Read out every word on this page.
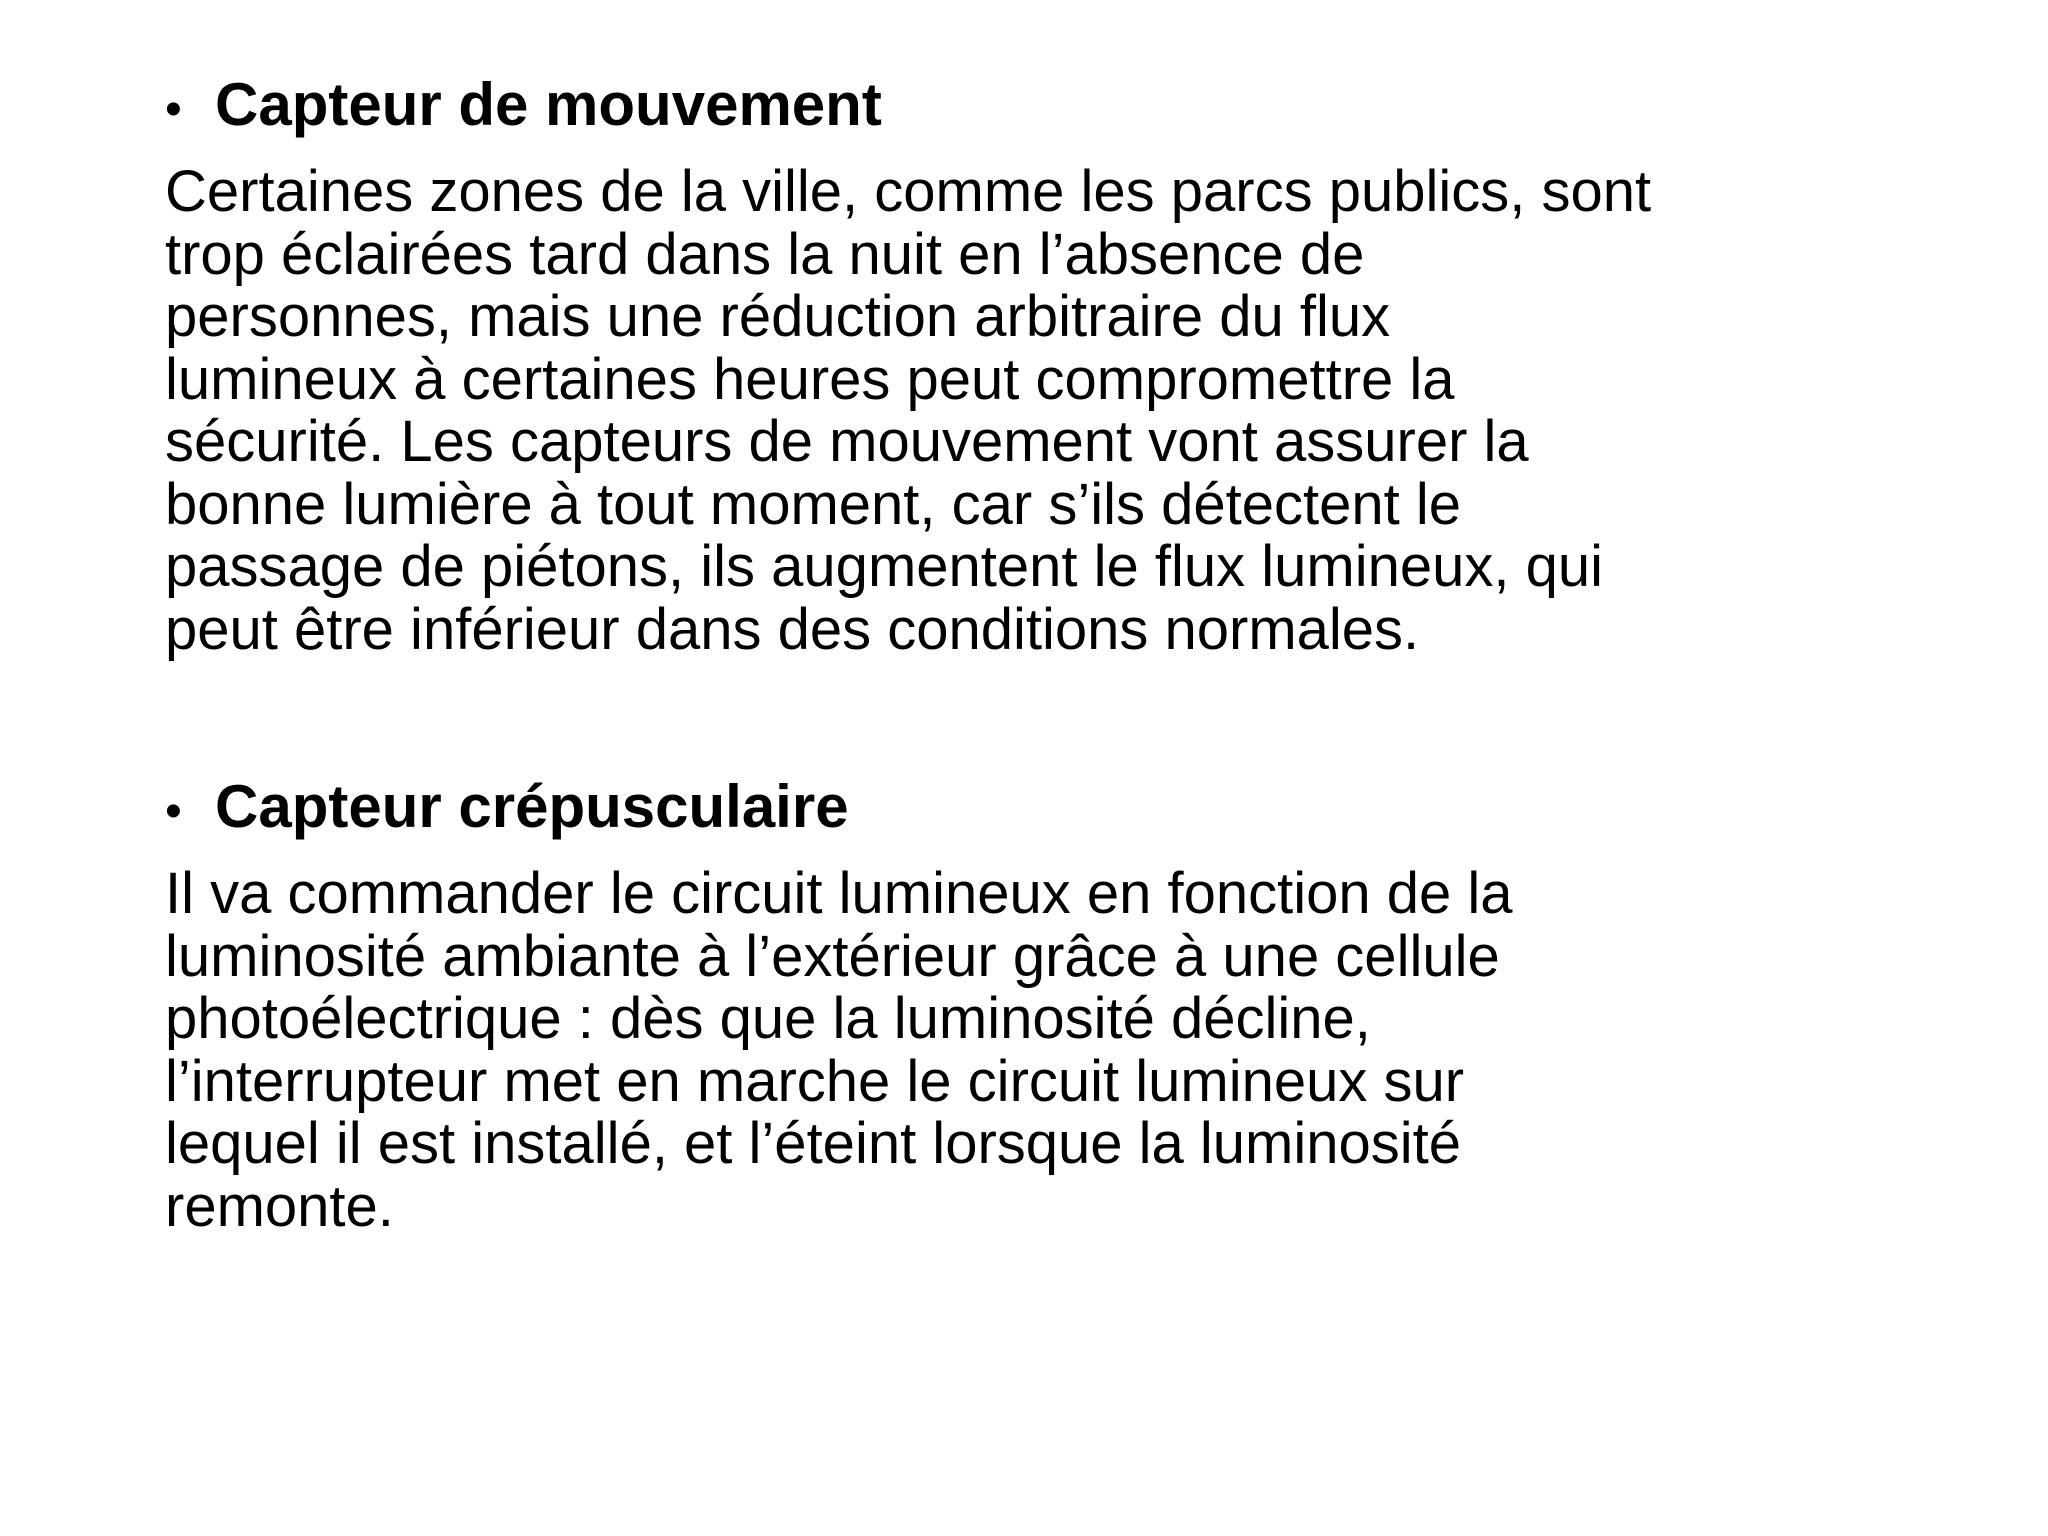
• Capteur de mouvement
Certaines zones de la ville, comme les parcs publics, sont
trop éclairées tard dans la nuit en l’absence de
personnes, mais une réduction arbitraire du flux
lumineux à certaines heures peut compromettre la
sécurité. Les capteurs de mouvement vont assurer la
bonne lumière à tout moment, car s’ils détectent le
passage de piétons, ils augmentent le flux lumineux, qui
peut être inférieur dans des conditions normales.
• Capteur crépusculaire
Il va commander le circuit lumineux en fonction de la
luminosité ambiante à l’extérieur grâce à une cellule
photoélectrique : dès que la luminosité décline,
l’interrupteur met en marche le circuit lumineux sur
lequel il est installé, et l’éteint lorsque la luminosité
remonte.
